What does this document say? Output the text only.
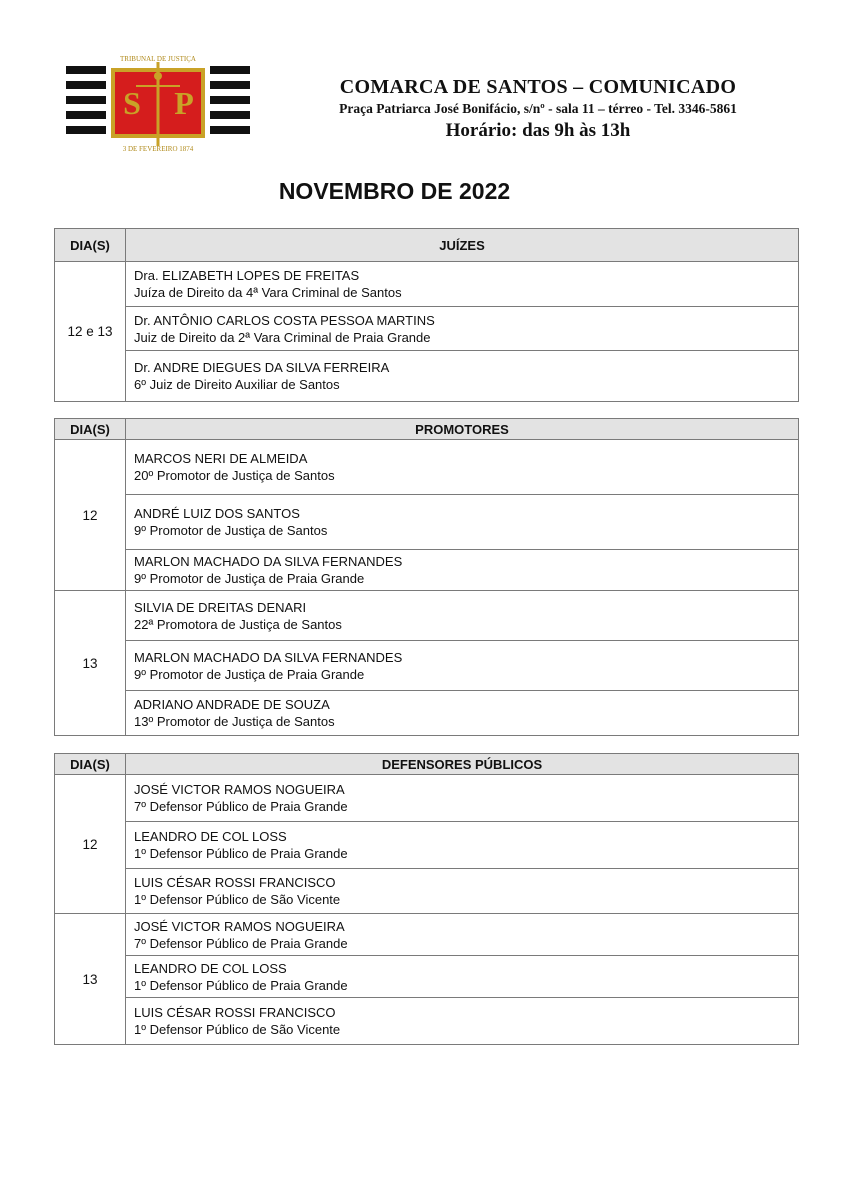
S P
TRIBUNAL DE JUSTIÇA
3 DE FEVEREIRO 1874
COMARCA DE SANTOS – COMUNICADO
Praça Patriarca José Bonifácio, s/nº - sala 11 – térreo - Tel. 3346-5861
Horário: das 9h às 13h
NOVEMBRO DE 2022
DIA(S)	JUÍZES
12 e 13	Dra. ELIZABETH LOPES DE FREITAS
Juíza de Direito da 4ª Vara Criminal de Santos

	Dr. ANTÔNIO CARLOS COSTA PESSOA MARTINS
Juiz de Direito da 2ª Vara Criminal de Praia Grande

	Dr. ANDRE DIEGUES DA SILVA FERREIRA
6º Juiz de Direito Auxiliar de Santos
DIA(S)	PROMOTORES
12	MARCOS NERI DE ALMEIDA
20º Promotor de Justiça de Santos

	ANDRÉ LUIZ DOS SANTOS
9º Promotor de Justiça de Santos

	MARLON MACHADO DA SILVA FERNANDES
9º Promotor de Justiça de Praia Grande

13	SILVIA DE DREITAS DENARI
22ª Promotora de Justiça de Santos

	MARLON MACHADO DA SILVA FERNANDES
9º Promotor de Justiça de Praia Grande

	ADRIANO ANDRADE DE SOUZA
13º Promotor de Justiça de Santos
DIA(S)	DEFENSORES PÚBLICOS
12	JOSÉ VICTOR RAMOS NOGUEIRA
7º Defensor Público de Praia Grande

	LEANDRO DE COL LOSS
1º Defensor Público de Praia Grande

	LUIS CÉSAR ROSSI FRANCISCO
1º Defensor Público de São Vicente

13	JOSÉ VICTOR RAMOS NOGUEIRA
7º Defensor Público de Praia Grande

	LEANDRO DE COL LOSS
1º Defensor Público de Praia Grande

	LUIS CÉSAR ROSSI FRANCISCO
1º Defensor Público de São Vicente
